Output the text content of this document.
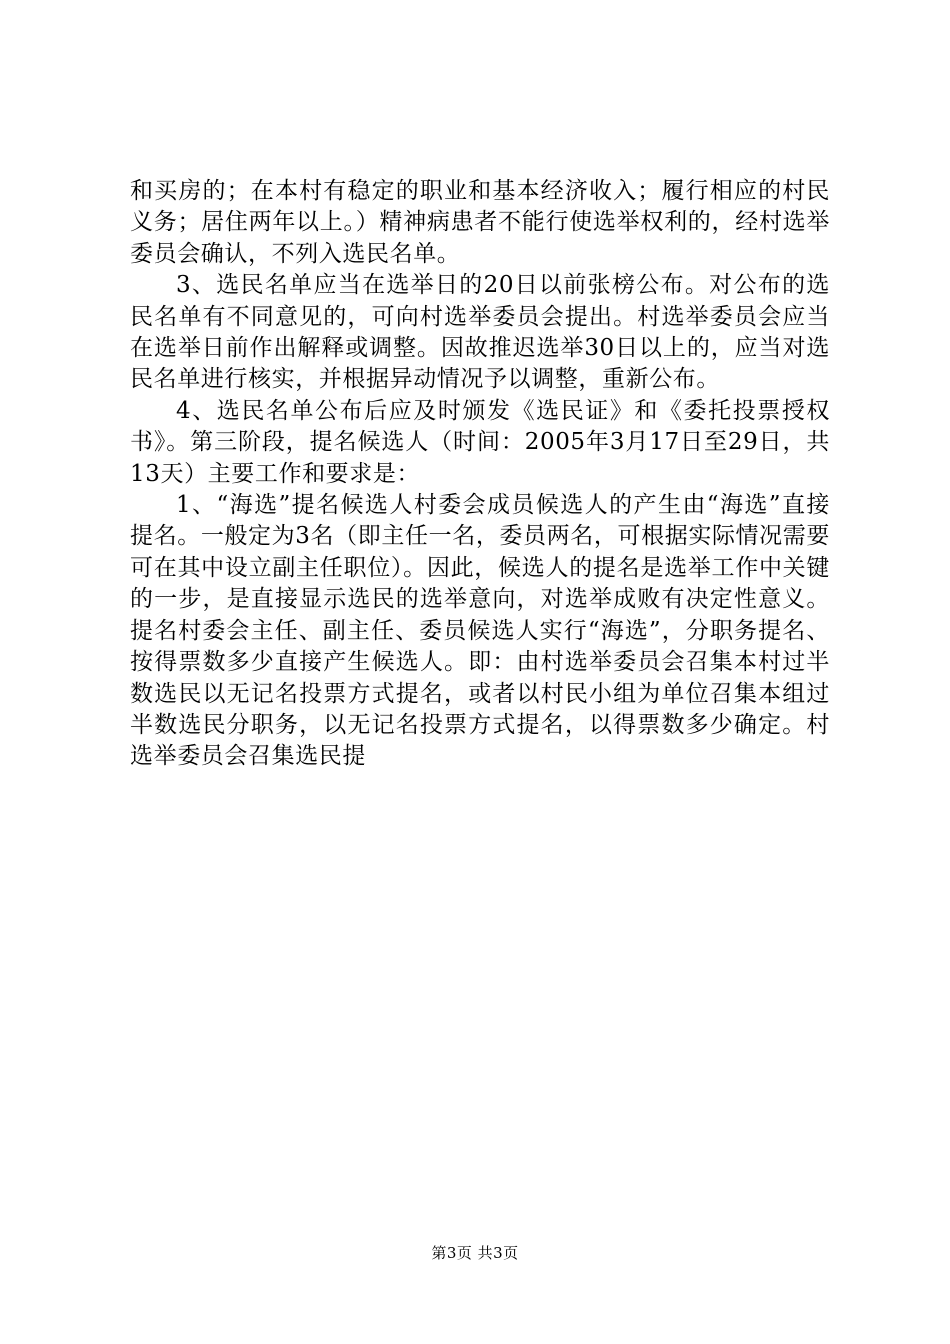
和买房的；在本村有稳定的职业和基本经济收入；履行相应的村民义务；居住两年以上。）精神病患者不能行使选举权利的，经村选举委员会确认，不列入选民名单。

3、选民名单应当在选举日的20日以前张榜公布。对公布的选民名单有不同意见的，可向村选举委员会提出。村选举委员会应当在选举日前作出解释或调整。因故推迟选举30日以上的，应当对选民名单进行核实，并根据异动情况予以调整，重新公布。

4、选民名单公布后应及时颁发《选民证》和《委托投票授权书》。第三阶段，提名候选人（时间：2005年3月17日至29日，共13天）主要工作和要求是：

1、“海选”提名候选人村委会成员候选人的产生由“海选”直接提名。一般定为3名（即主任一名，委员两名，可根据实际情况需要可在其中设立副主任职位）。因此，候选人的提名是选举工作中关键的一步，是直接显示选民的选举意向，对选举成败有决定性意义。提名村委会主任、副主任、委员候选人实行“海选”，分职务提名、按得票数多少直接产生候选人。即：由村选举委员会召集本村过半数选民以无记名投票方式提名，或者以村民小组为单位召集本组过半数选民分职务，以无记名投票方式提名，以得票数多少确定。村选举委员会召集选民提

第3页 共3页
